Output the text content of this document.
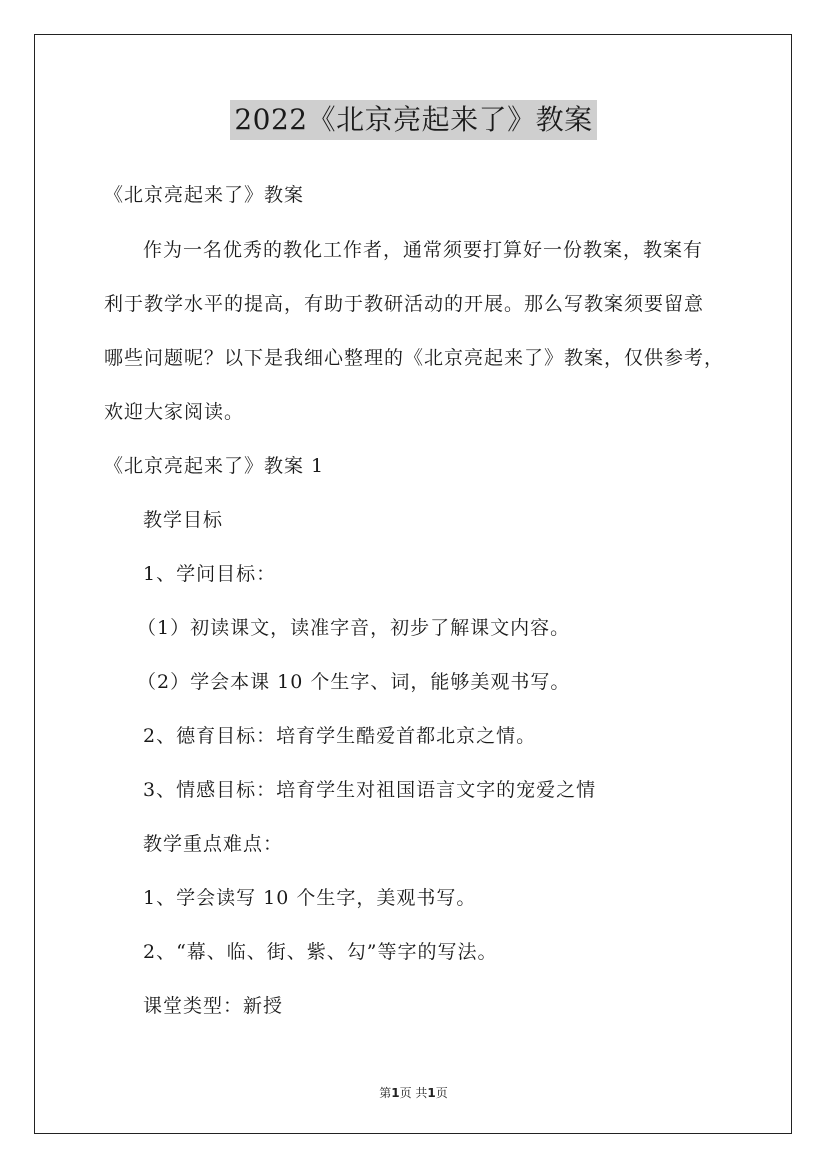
2022《北京亮起来了》教案
《北京亮起来了》教案
作为一名优秀的教化工作者，通常须要打算好一份教案，教案有
利于教学水平的提高，有助于教研活动的开展。那么写教案须要留意
哪些问题呢？以下是我细心整理的《北京亮起来了》教案，仅供参考，
欢迎大家阅读。
《北京亮起来了》教案 1
教学目标
1、学问目标：
（1）初读课文，读准字音，初步了解课文内容。
（2）学会本课 10 个生字、词，能够美观书写。
2、德育目标：培育学生酷爱首都北京之情。
3、情感目标：培育学生对祖国语言文字的宠爱之情
教学重点难点：
1、学会读写 10 个生字，美观书写。
2、“幕、临、街、紫、勾”等字的写法。
课堂类型：新授
第1页 共1页
